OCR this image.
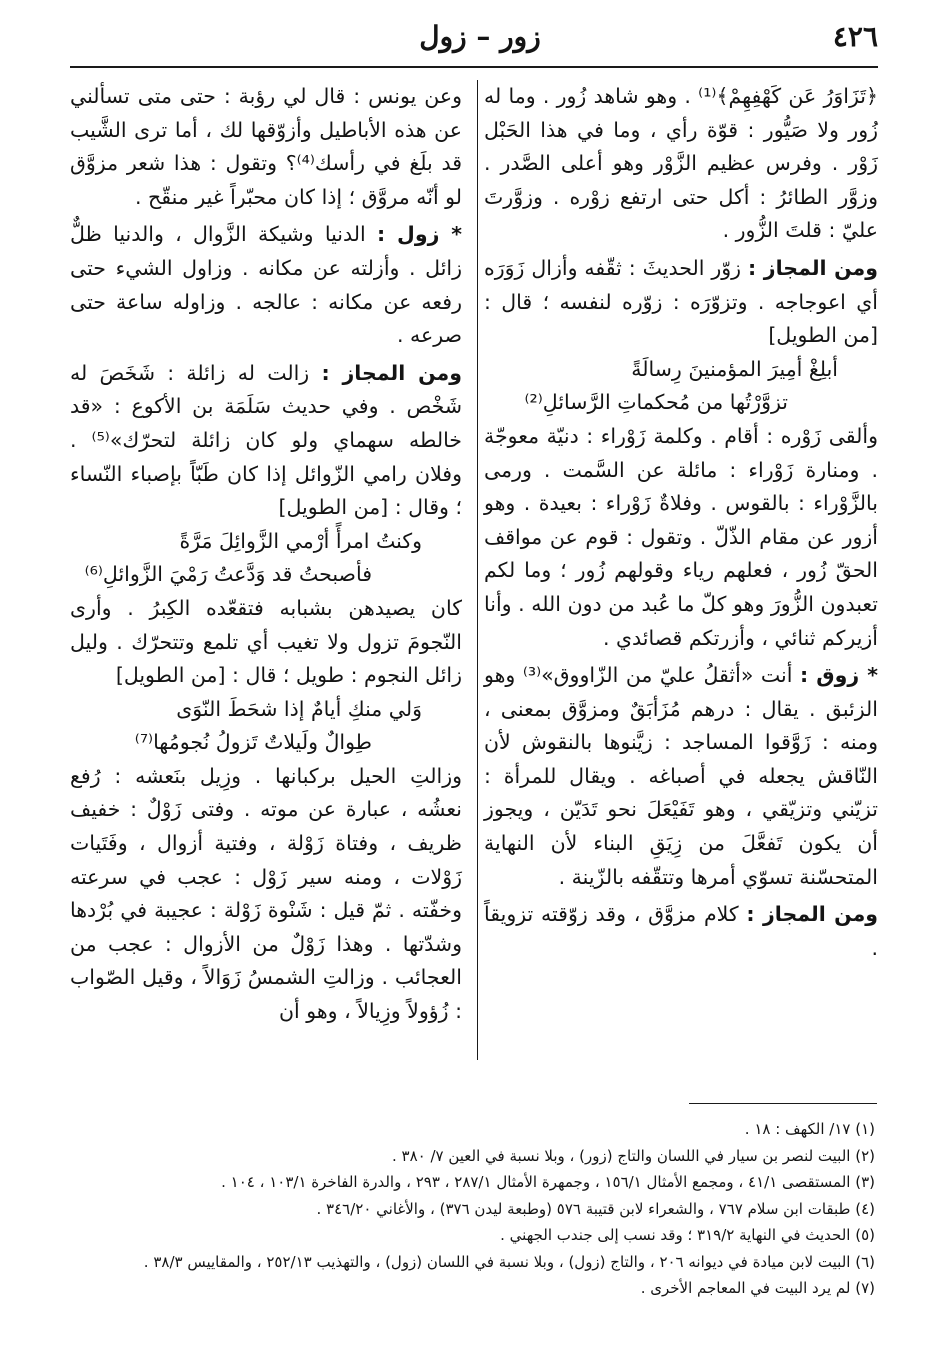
٤٢٦
زور – زول

﴿تَزَاوَرُ عَن كَهْفِهِمْ﴾⁽¹⁾ . وهو شاهد زُور . وما له زُور ولا صَيُّور : قوّة رأي ، وما في هذا الحَبْل زَوْر . وفرس عظيم الزَّوْر وهو أعلى الصَّدر . وزوَّر الطائرُ : أكل حتى ارتفع زوْره . وزوَّرتَ عليّ : قلتَ الزُّور .

ومن المجاز : زوّر الحديثَ : ثقّفه وأزال زَوَرَه أي اعوجاجه . وتزوّرَه : زوّره لنفسه ؛ قال : [من الطويل]

أبلِغْ أمِيرَ المؤمنينَ رِسالَةً
تزوَّرْتُها من مُحكماتِ الرَّسائلِ⁽²⁾

وألقى زَوْره : أقام . وكلمة زَوْراء : دنيّة معوجّة . ومنارة زَوْراء : مائلة عن السَّمت . ورمى بالزَّوْراء : بالقوس . وفلاةٌ زَوْراء : بعيدة . وهو أزور عن مقام الذّلّ . وتقول : قوم عن مواقف الحقّ زُور ، فعلهم رياء وقولهم زُور ؛ وما لكم تعبدون الزُّورَ وهو كلّ ما عُبد من دون الله . وأنا أزيركم ثنائي ، وأزرتكم قصائدي .

* زوق : أنت «أثقلُ عليّ من الزّاووق»⁽³⁾ وهو الزئبق . يقال : درهم مُزَأبَقٌ ومزوَّق بمعنى ، ومنه : زَوَّقوا المساجد : زيَّنوها بالنقوش لأن النّاقش يجعله في أصباغه . ويقال للمرأة : تزيّني وتزيّقي ، وهو تَفَيْعَلَ نحو تَدَيّن ، ويجوز أن يكون تَفعَّلَ من زِيَقِ البناء لأن النهاية المتحسّنة تسوّي أمرها وتتقّفه بالزّينة .

ومن المجاز : كلام مزوَّق ، وقد زوّقته تزويقاً .

وعن يونس : قال لي رؤبة : حتى متى تسألني عن هذه الأباطيل وأزوّقها لك ، أما ترى الشَّيب قد بلَغ في رأسك⁽⁴⁾؟ وتقول : هذا شعر مزوَّق لو أنّه مروَّق ؛ إذا كان محبّراً غير منقّح .

* زول : الدنيا وشيكة الزَّوال ، والدنيا ظلٌّ زائل . وأزلته عن مكانه . وزاول الشيء حتى رفعه عن مكانه : عالجه . وزاوله ساعة حتى صرعه .

ومن المجاز : زالت له زائلة : شَخَصَ له شَخْص . وفي حديث سَلَمَة بن الأكوع : «قد خالطه سهماي ولو كان زائلة لتحرّك»⁽⁵⁾ . وفلان رامي الزّوائل إذا كان طَبّاً بإصباء النّساء ؛ وقال : [من الطويل]

وكنتُ امرأً أرْمي الزَّوائِلَ مَرَّةً
فأصبحتُ قد وَدَّعتُ رَمْيَ الزَّوائلِ⁽⁶⁾

كان يصيدهن بشبابه فتقعّده الكِبرُ . وأرى النّجومَ تزول ولا تغيب أي تلمع وتتحرّك . وليل زائل النجوم : طويل ؛ قال : [من الطويل]

وَلي منكِ أيامٌ إذا شحَطَ النّوَى
طِوالٌ ولَيلاتٌ تَزولُ نُجومُها⁽⁷⁾

وزالتِ الحيل بركبانها . وزِيل بنَعشه : رُفع نعشُه ، عبارة عن موته . وفتى زَوْلٌ : خفيف ظريف ، وفتاة زَوْلة ، وفتية أزوال ، وفَتَيات زَوْلات ، ومنه سير زَوْل : عجب في سرعته وخفّته . ثمّ قيل : شَنْوة زَوْلة : عجيبة في بُرْدها وشدّتها . وهذا زَوْلٌ من الأزوال : عجب من العجائب . وزالتِ الشمسُ زَوَالاً ، وقيل الصّواب : زُؤولاً وزِيالاً ، وهو أن

(١) ١٧/ الكهف : ١٨ .
(٢) البيت لنصر بن سيار في اللسان والتاج (زور) ، وبلا نسبة في العين ٧/ ٣٨٠ .
(٣) المستقصى ٤١/١ ، ومجمع الأمثال ١٥٦/١ ، وجمهرة الأمثال ٢٨٧/١ ، ٢٩٣ ، والدرة الفاخرة ١٠٣/١ ، ١٠٤ .
(٤) طبقات ابن سلام ٧٦٧ ، والشعراء لابن قتيبة ٥٧٦ (وطبعة ليدن ٣٧٦) ، والأغاني ٣٤٦/٢٠ .
(٥) الحديث في النهاية ٣١٩/٢ ؛ وقد نسب إلى جندب الجهني .
(٦) البيت لابن ميادة في ديوانه ٢٠٦ ، والتاج (زول) ، وبلا نسبة في اللسان (زول) ، والتهذيب ٢٥٢/١٣ ، والمقاييس ٣٨/٣ .
(٧) لم يرد البيت في المعاجم الأخرى .
